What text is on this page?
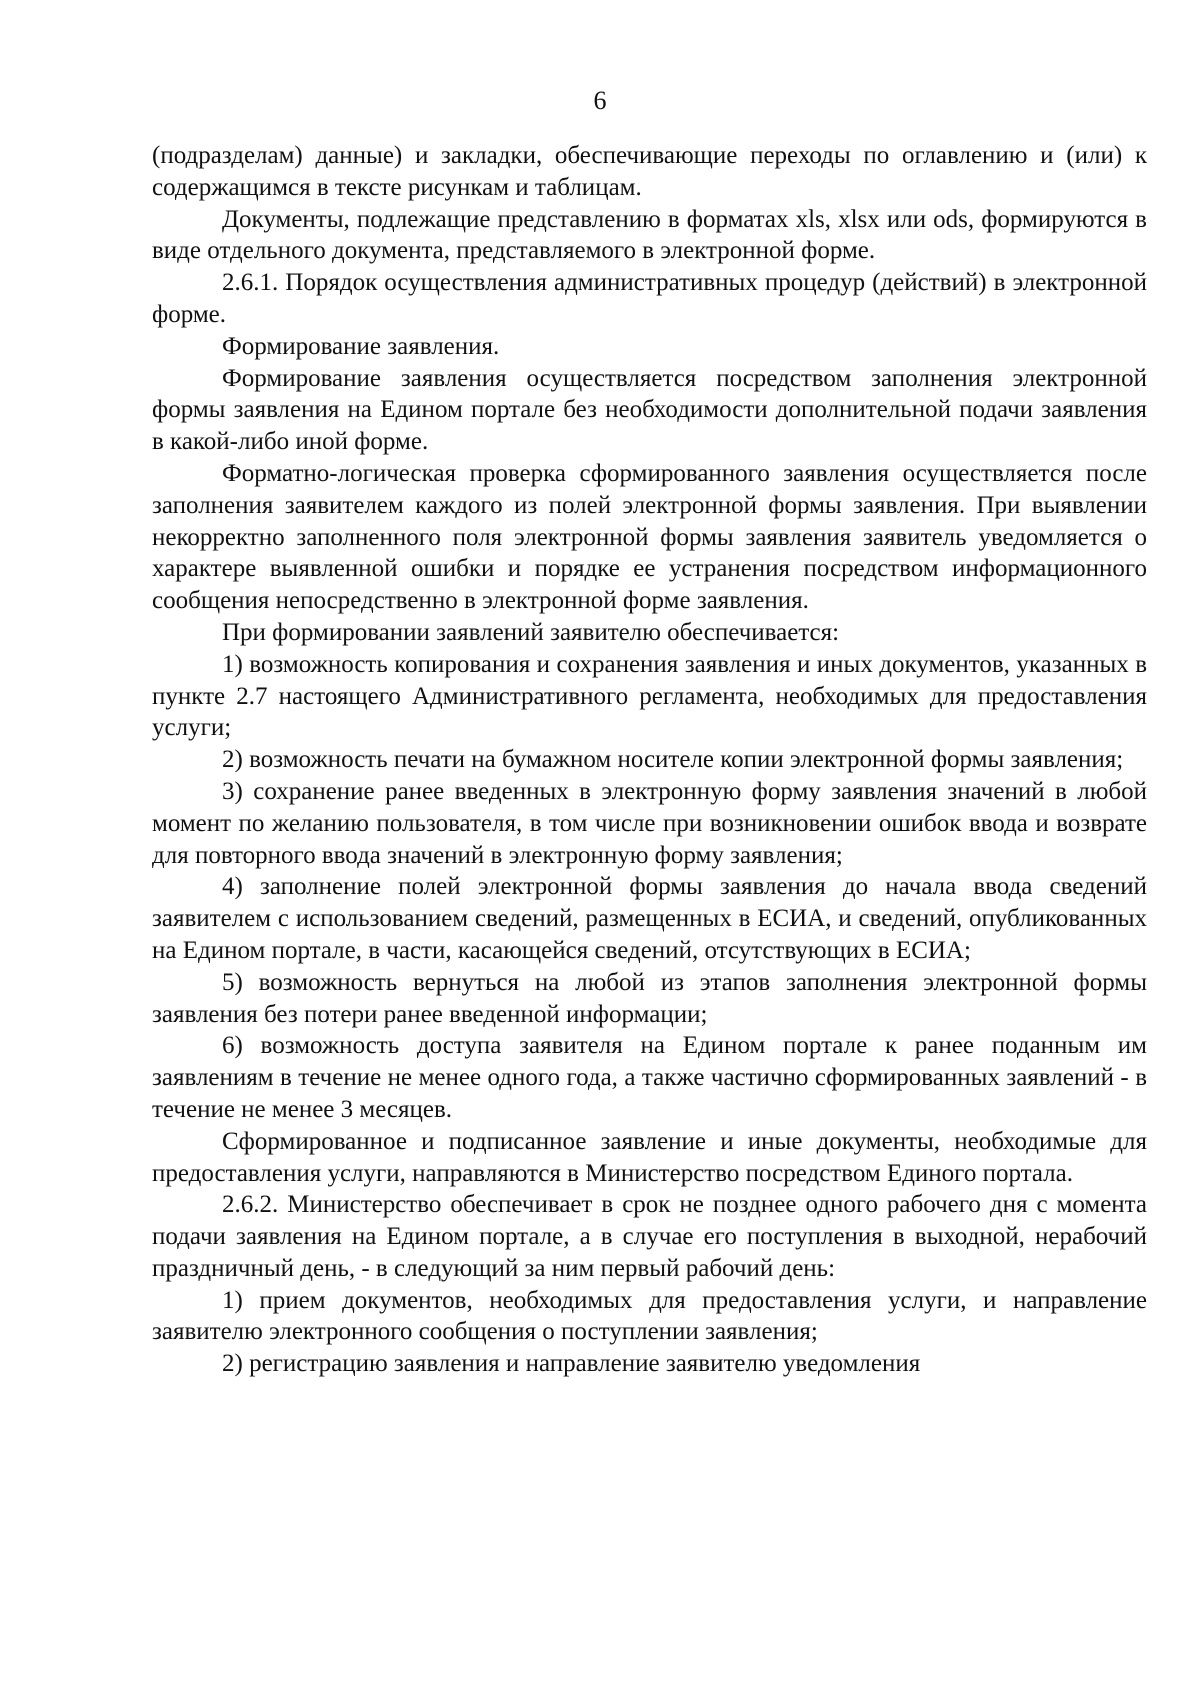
6

(подразделам) данные) и закладки, обеспечивающие переходы по оглавлению и (или) к содержащимся в тексте рисункам и таблицам.

Документы, подлежащие представлению в форматах xls, xlsx или ods, формируются в виде отдельного документа, представляемого в электронной форме.

2.6.1. Порядок осуществления административных процедур (действий) в электронной форме.

Формирование заявления.

Формирование заявления осуществляется посредством заполнения электронной формы заявления на Едином портале без необходимости дополнительной подачи заявления в какой-либо иной форме.

Форматно-логическая проверка сформированного заявления осуществляется после заполнения заявителем каждого из полей электронной формы заявления. При выявлении некорректно заполненного поля электронной формы заявления заявитель уведомляется о характере выявленной ошибки и порядке ее устранения посредством информационного сообщения непосредственно в электронной форме заявления.

При формировании заявлений заявителю обеспечивается:

1) возможность копирования и сохранения заявления и иных документов, указанных в пункте 2.7 настоящего Административного регламента, необходимых для предоставления услуги;

2) возможность печати на бумажном носителе копии электронной формы заявления;

3) сохранение ранее введенных в электронную форму заявления значений в любой момент по желанию пользователя, в том числе при возникновении ошибок ввода и возврате для повторного ввода значений в электронную форму заявления;

4) заполнение полей электронной формы заявления до начала ввода сведений заявителем с использованием сведений, размещенных в ЕСИА, и сведений, опубликованных на Едином портале, в части, касающейся сведений, отсутствующих в ЕСИА;

5) возможность вернуться на любой из этапов заполнения электронной формы заявления без потери ранее введенной информации;

6) возможность доступа заявителя на Едином портале к ранее поданным им заявлениям в течение не менее одного года, а также частично сформированных заявлений - в течение не менее 3 месяцев.

Сформированное и подписанное заявление и иные документы, необходимые для предоставления услуги, направляются в Министерство посредством Единого портала.

2.6.2. Министерство обеспечивает в срок не позднее одного рабочего дня с момента подачи заявления на Едином портале, а в случае его поступления в выходной, нерабочий праздничный день, - в следующий за ним первый рабочий день:

1) прием документов, необходимых для предоставления услуги, и направление заявителю электронного сообщения о поступлении заявления;

2) регистрацию заявления и направление заявителю уведомления
